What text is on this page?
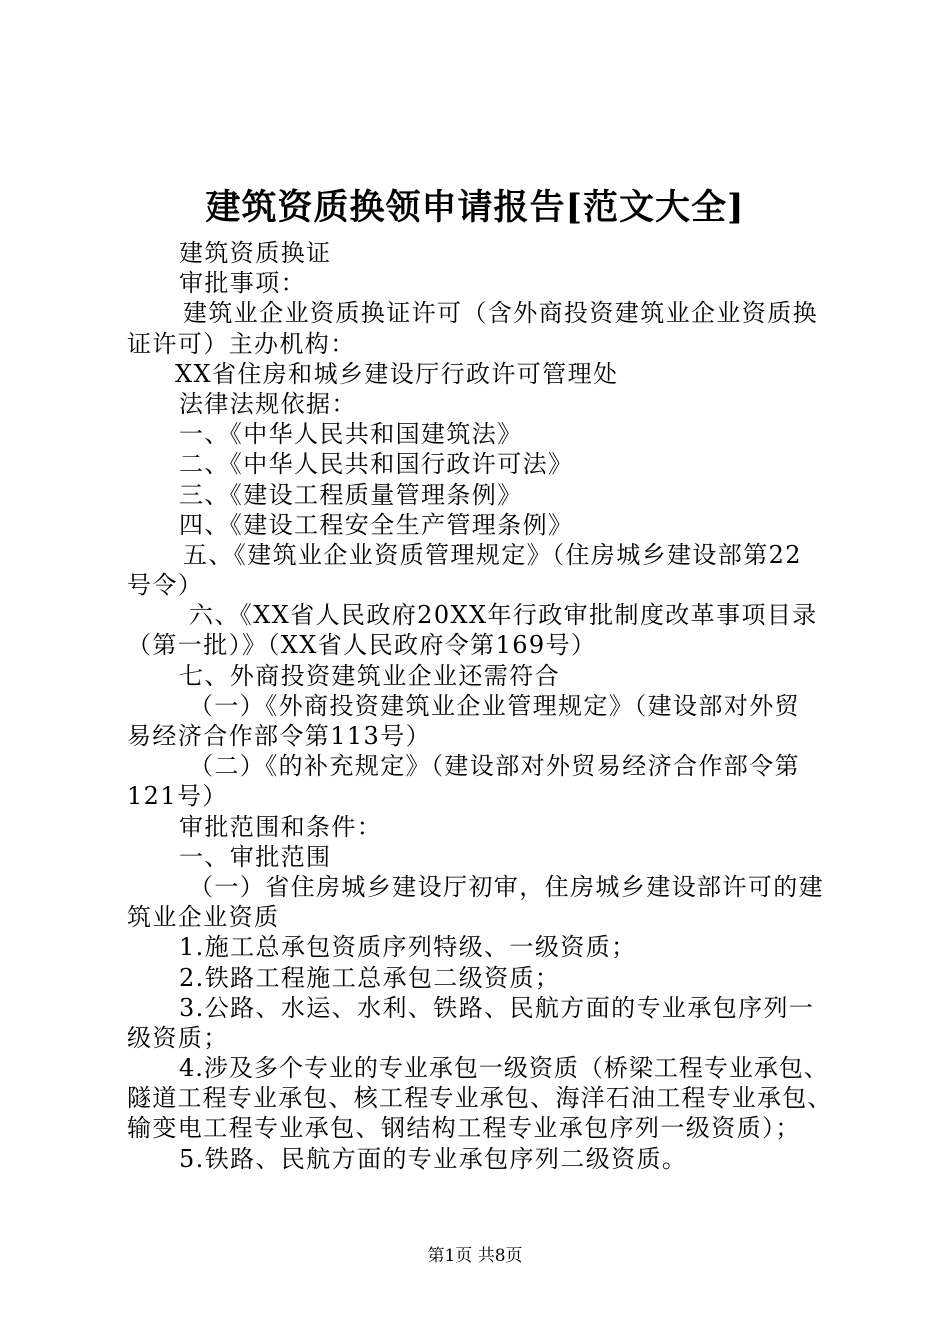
建筑资质换领申请报告[范文大全]
建筑资质换证
审批事项：
建筑业企业资质换证许可（含外商投资建筑业企业资质换
证许可）主办机构：
XX省住房和城乡建设厅行政许可管理处
法律法规依据：
一、《中华人民共和国建筑法》
二、《中华人民共和国行政许可法》
三、《建设工程质量管理条例》
四、《建设工程安全生产管理条例》
五、《建筑业企业资质管理规定》（住房城乡建设部第22
号令）
六、《XX省人民政府20XX年行政审批制度改革事项目录
（第一批）》（XX省人民政府令第169号）
七、外商投资建筑业企业还需符合
（一）《外商投资建筑业企业管理规定》（建设部对外贸
易经济合作部令第113号）
（二）《的补充规定》（建设部对外贸易经济合作部令第
121号）
审批范围和条件：
一、审批范围
（一）省住房城乡建设厅初审，住房城乡建设部许可的建
筑业企业资质
1.施工总承包资质序列特级、一级资质；
2.铁路工程施工总承包二级资质；
3.公路、水运、水利、铁路、民航方面的专业承包序列一
级资质；
4.涉及多个专业的专业承包一级资质（桥梁工程专业承包、
隧道工程专业承包、核工程专业承包、海洋石油工程专业承包、
输变电工程专业承包、钢结构工程专业承包序列一级资质）；
5.铁路、民航方面的专业承包序列二级资质。
第1页 共8页
